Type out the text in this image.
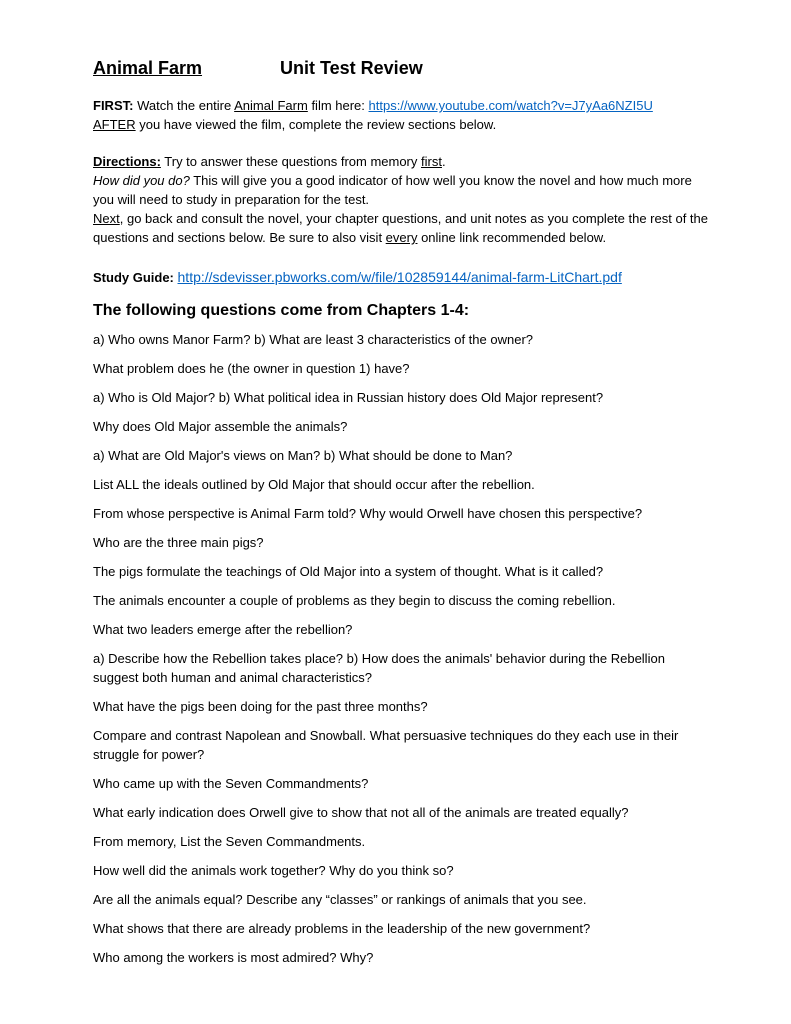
Animal Farm	Unit Test Review

FIRST: Watch the entire Animal Farm film here: https://www.youtube.com/watch?v=J7yAa6NZI5U
AFTER you have viewed the film, complete the review sections below.

Directions: Try to answer these questions from memory first.
How did you do? This will give you a good indicator of how well you know the novel and how much more you will need to study in preparation for the test.
Next, go back and consult the novel, your chapter questions, and unit notes as you complete the rest of the questions and sections below. Be sure to also visit every online link recommended below.

Study Guide: http://sdevisser.pbworks.com/w/file/102859144/animal-farm-LitChart.pdf

The following questions come from Chapters 1-4:

a) Who owns Manor Farm? b) What are least 3 characteristics of the owner?

What problem does he (the owner in question 1) have?

a) Who is Old Major? b) What political idea in Russian history does Old Major represent?

Why does Old Major assemble the animals?

a) What are Old Major's views on Man? b) What should be done to Man?

List ALL the ideals outlined by Old Major that should occur after the rebellion.

From whose perspective is Animal Farm told? Why would Orwell have chosen this perspective?

Who are the three main pigs?

The pigs formulate the teachings of Old Major into a system of thought. What is it called?

The animals encounter a couple of problems as they begin to discuss the coming rebellion.

What two leaders emerge after the rebellion?

a) Describe how the Rebellion takes place? b) How does the animals' behavior during the Rebellion suggest both human and animal characteristics?

What have the pigs been doing for the past three months?

Compare and contrast Napolean and Snowball. What persuasive techniques do they each use in their struggle for power?

Who came up with the Seven Commandments?

What early indication does Orwell give to show that not all of the animals are treated equally?

From memory, List the Seven Commandments.

How well did the animals work together? Why do you think so?

Are all the animals equal? Describe any “classes” or rankings of animals that you see.

What shows that there are already problems in the leadership of the new government?

Who among the workers is most admired? Why?
